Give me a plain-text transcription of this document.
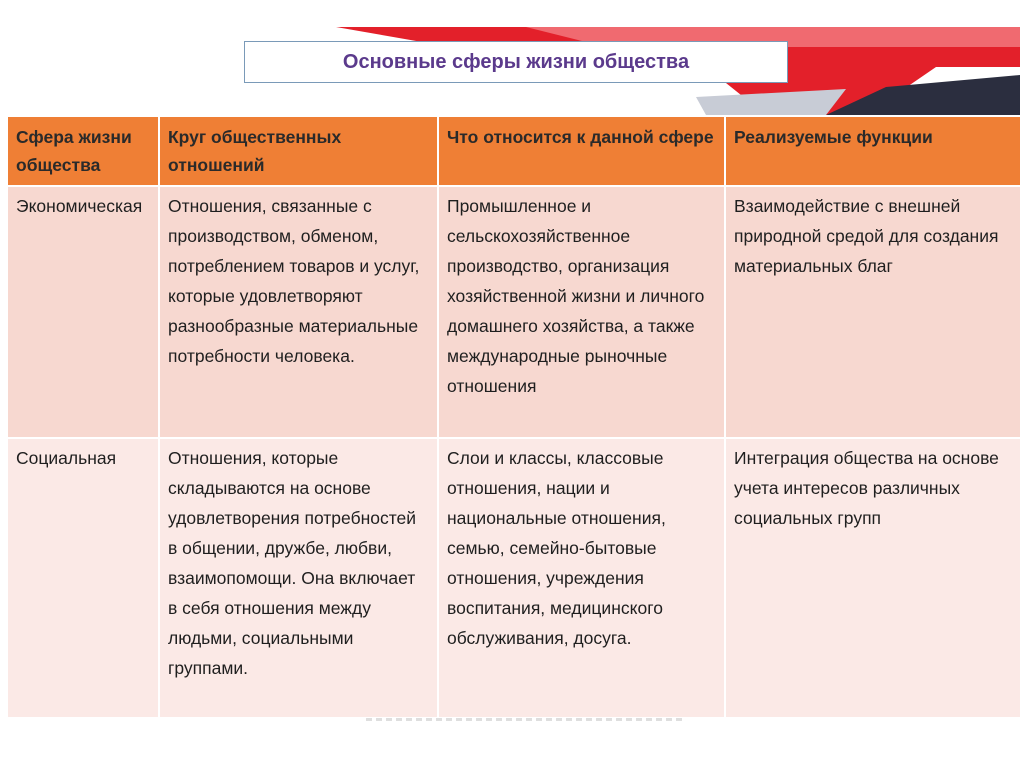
Основные сферы жизни общества
Сфера жизни общества	Круг общественных отношений	Что относится к данной сфере	Реализуемые функции
Экономическая	Отношения, связанные с производством, обменом, потреблением товаров и услуг, которые удовлетворяют разнообразные материальные потребности человека.	Промышленное и сельскохозяйственное производство, организация хозяйственной жизни и личного домашнего хозяйства, а также международные рыночные отношения	Взаимодействие с внешней природной средой для создания материальных благ
Социальная	Отношения, которые складываются на основе удовлетворения потребностей в общении, дружбе, любви, взаимопомощи. Она включает в себя отношения между людьми, социальными группами.	Слои и классы, классовые отношения, нации и национальные отношения, семью, семейно-бытовые отношения, учреждения воспитания, медицинского обслуживания, досуга.	Интеграция общества на основе учета интересов различных социальных групп
